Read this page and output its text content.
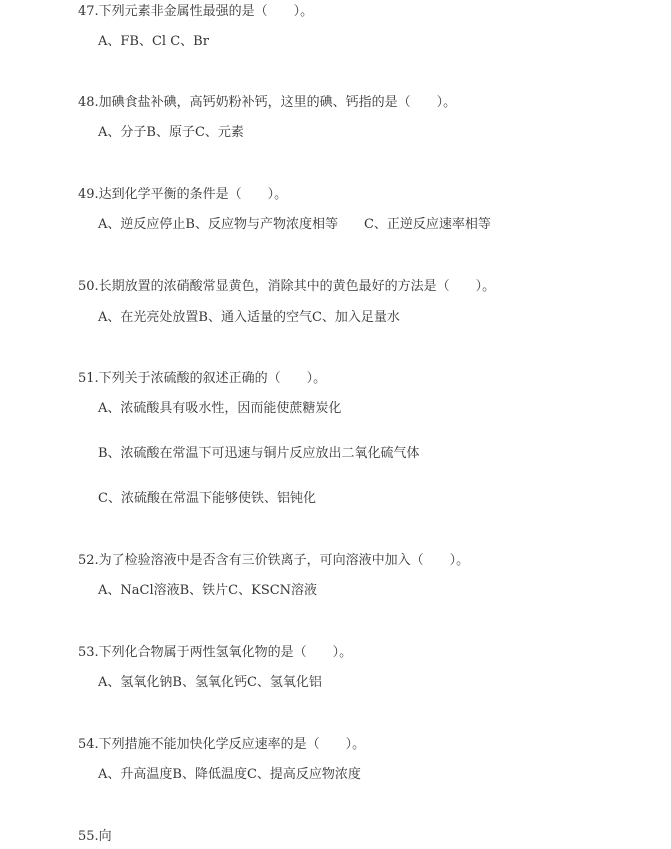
47.下列元素非金属性最强的是（　　）。
A、FB、Cl C、Br
48.加碘食盐补碘，高钙奶粉补钙，这里的碘、钙指的是（　　）。
A、分子B、原子C、元素
49.达到化学平衡的条件是（　　）。
A、逆反应停止B、反应物与产物浓度相等　　C、正逆反应速率相等
50.长期放置的浓硝酸常显黄色，消除其中的黄色最好的方法是（　　）。
A、在光亮处放置B、通入适量的空气C、加入足量水
51.下列关于浓硫酸的叙述正确的（　　）。
A、浓硫酸具有吸水性，因而能使蔗糖炭化
B、浓硫酸在常温下可迅速与铜片反应放出二氧化硫气体
C、浓硫酸在常温下能够使铁、铝钝化
52.为了检验溶液中是否含有三价铁离子，可向溶液中加入（　　）。
A、NaCl溶液B、铁片C、KSCN溶液
53.下列化合物属于两性氢氧化物的是（　　）。
A、氢氧化钠B、氢氧化钙C、氢氧化铝
54.下列措施不能加快化学反应速率的是（　　）。
A、升高温度B、降低温度C、提高反应物浓度
55.向
